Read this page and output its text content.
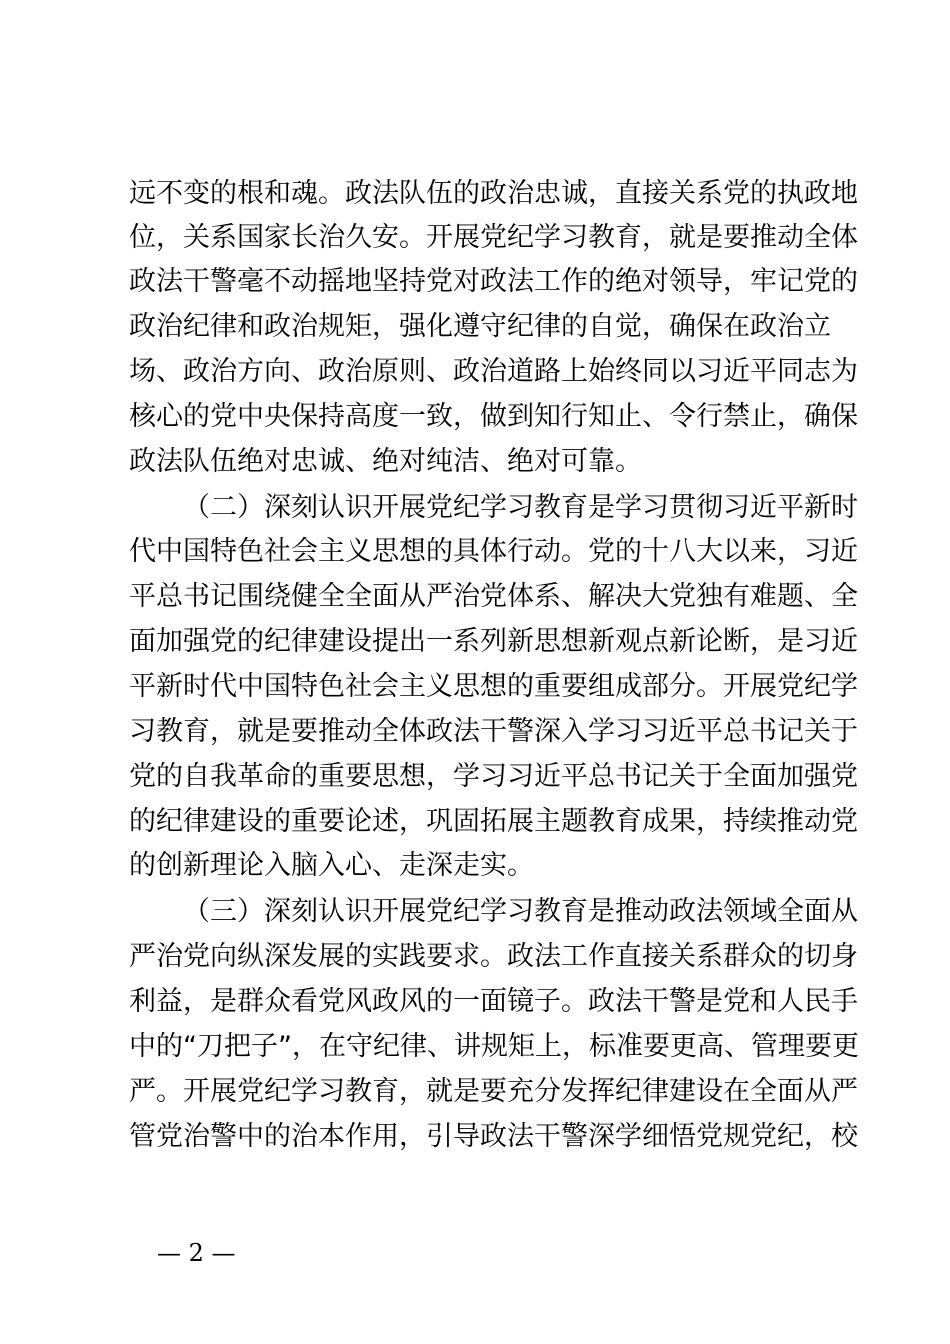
远不变的根和魂。政法队伍的政治忠诚，直接关系党的执政地
位，关系国家长治久安。开展党纪学习教育，就是要推动全体
政法干警毫不动摇地坚持党对政法工作的绝对领导，牢记党的
政治纪律和政治规矩，强化遵守纪律的自觉，确保在政治立
场、政治方向、政治原则、政治道路上始终同以习近平同志为
核心的党中央保持高度一致，做到知行知止、令行禁止，确保
政法队伍绝对忠诚、绝对纯洁、绝对可靠。
（二）深刻认识开展党纪学习教育是学习贯彻习近平新时
代中国特色社会主义思想的具体行动。党的十八大以来，习近
平总书记围绕健全全面从严治党体系、解决大党独有难题、全
面加强党的纪律建设提出一系列新思想新观点新论断，是习近
平新时代中国特色社会主义思想的重要组成部分。开展党纪学
习教育，就是要推动全体政法干警深入学习习近平总书记关于
党的自我革命的重要思想，学习习近平总书记关于全面加强党
的纪律建设的重要论述，巩固拓展主题教育成果，持续推动党
的创新理论入脑入心、走深走实。
（三）深刻认识开展党纪学习教育是推动政法领域全面从
严治党向纵深发展的实践要求。政法工作直接关系群众的切身
利益，是群众看党风政风的一面镜子。政法干警是党和人民手
中的“刀把子”，在守纪律、讲规矩上，标准要更高、管理要更
严。开展党纪学习教育，就是要充分发挥纪律建设在全面从严
管党治警中的治本作用，引导政法干警深学细悟党规党纪，校
— 2 —
